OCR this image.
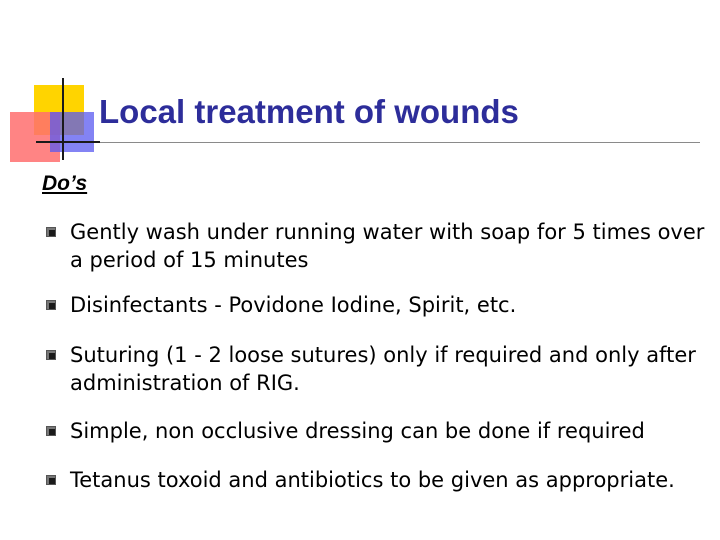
Local treatment of wounds
Do’s
Gently wash under running water with soap for 5 times over a period of 15 minutes
Disinfectants - Povidone Iodine, Spirit, etc.
Suturing (1 - 2 loose sutures) only if required and only after administration of RIG.
Simple, non occlusive dressing can be done if required
Tetanus toxoid and antibiotics to be given as appropriate.
